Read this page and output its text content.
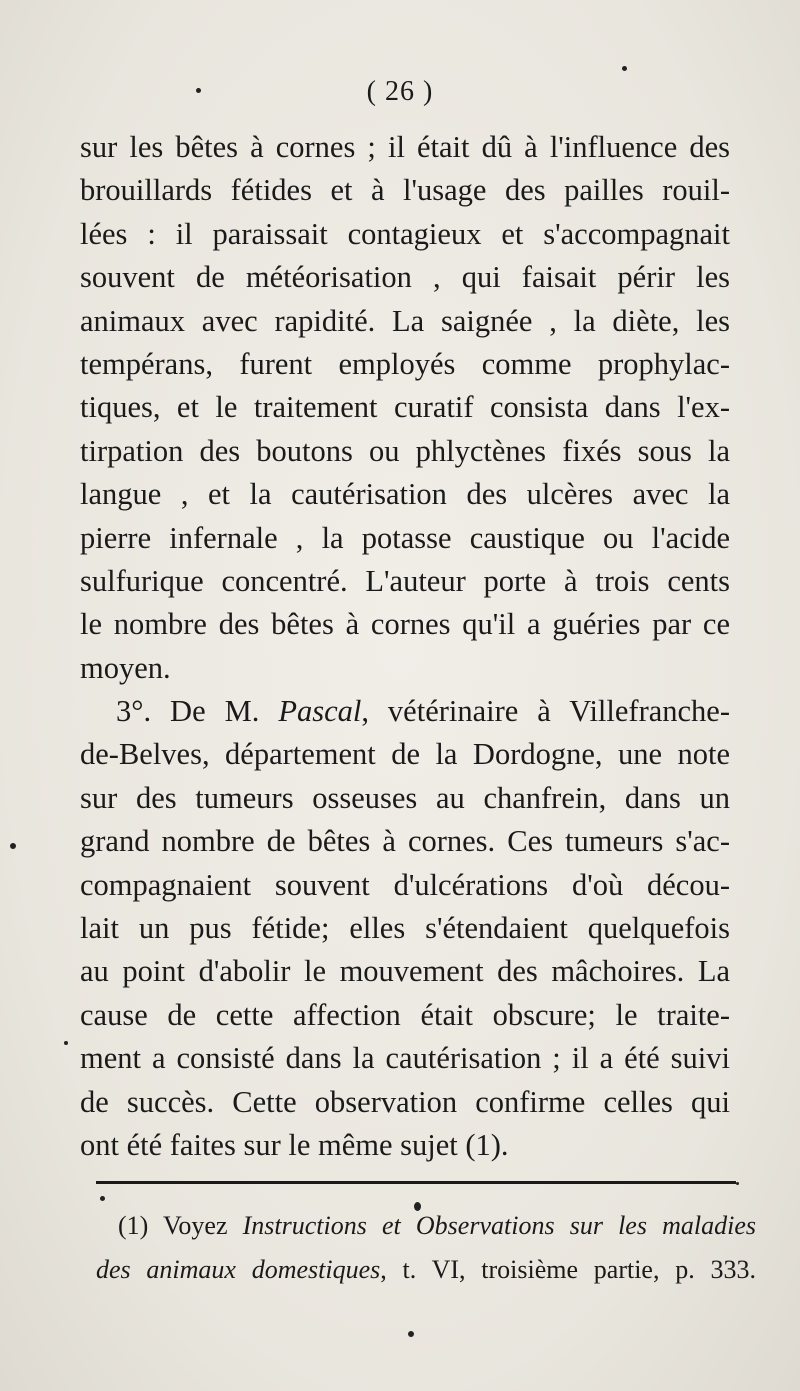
( 26 )
sur les bêtes à cornes ; il était dû à l'influence des
brouillards fétides et à l'usage des pailles rouil-
lées : il paraissait contagieux et s'accompagnait
souvent de météorisation , qui faisait périr les
animaux avec rapidité. La saignée , la diète, les
tempérans, furent employés comme prophylac-
tiques, et le traitement curatif consista dans l'ex-
tirpation des boutons ou phlyctènes fixés sous la
langue , et la cautérisation des ulcères avec la
pierre infernale , la potasse caustique ou l'acide
sulfurique concentré. L'auteur porte à trois cents
le nombre des bêtes à cornes qu'il a guéries par ce
moyen.
3°. De M. Pascal, vétérinaire à Villefranche-
de-Belves, département de la Dordogne, une note
sur des tumeurs osseuses au chanfrein, dans un
grand nombre de bêtes à cornes. Ces tumeurs s'ac-
compagnaient souvent d'ulcérations d'où décou-
lait un pus fétide; elles s'étendaient quelquefois
au point d'abolir le mouvement des mâchoires. La
cause de cette affection était obscure; le traite-
ment a consisté dans la cautérisation ; il a été suivi
de succès. Cette observation confirme celles qui
ont été faites sur le même sujet (1).
(1) Voyez Instructions et Observations sur les maladies
des animaux domestiques, t. VI, troisième partie, p. 333.
